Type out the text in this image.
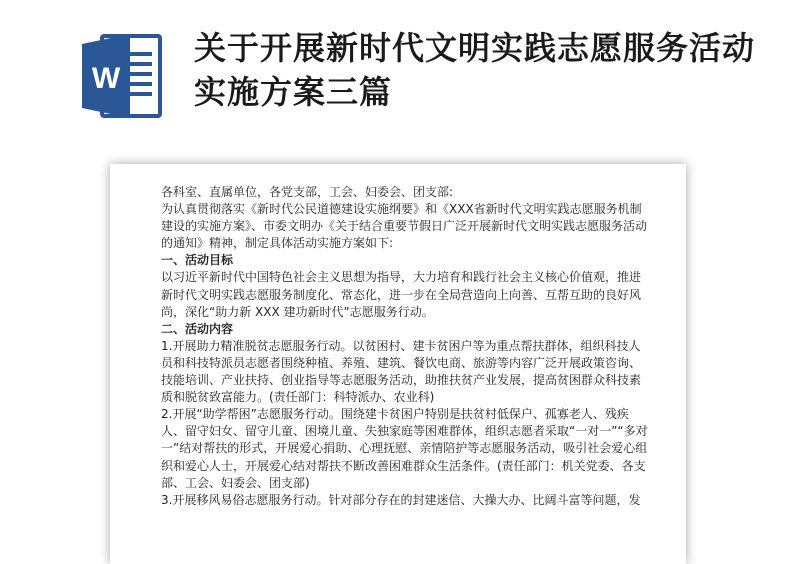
W
关于开展新时代文明实践志愿服务活动实施方案三篇

各科室、直属单位，各党支部，工会、妇委会、团支部:

为认真贯彻落实《新时代公民道德建设实施纲要》和《XXX省新时代文明实践志愿服务机制建设的实施方案》、市委文明办《关于结合重要节假日广泛开展新时代文明实践志愿服务活动的通知》精神，制定具体活动实施方案如下:

一、活动目标

以习近平新时代中国特色社会主义思想为指导，大力培育和践行社会主义核心价值观，推进新时代文明实践志愿服务制度化、常态化，进一步在全局营造向上向善、互帮互助的良好风尚，深化“助力新 XXX 建功新时代”志愿服务行动。

二、活动内容

1.开展助力精准脱贫志愿服务行动。以贫困村、建卡贫困户等为重点帮扶群体，组织科技人员和科技特派员志愿者围绕种植、养殖、建筑、餐饮电商、旅游等内容广泛开展政策咨询、技能培训、产业扶持、创业指导等志愿服务活动，助推扶贫产业发展，提高贫困群众科技素质和脱贫致富能力。(责任部门：科特派办、农业科)

2.开展“助学帮困”志愿服务行动。围绕建卡贫困户特别是扶贫村低保户、孤寡老人、残疾人、留守妇女、留守儿童、困境儿童、失独家庭等困难群体，组织志愿者采取“一对一”“多对一”结对帮扶的形式，开展爱心捐助、心理抚慰、亲情陪护等志愿服务活动，吸引社会爱心组织和爱心人士，开展爱心结对帮扶不断改善困难群众生活条件。(责任部门：机关党委、各支部、工会、妇委会、团支部)

3.开展移风易俗志愿服务行动。针对部分存在的封建迷信、大操大办、比阔斗富等问题，发
